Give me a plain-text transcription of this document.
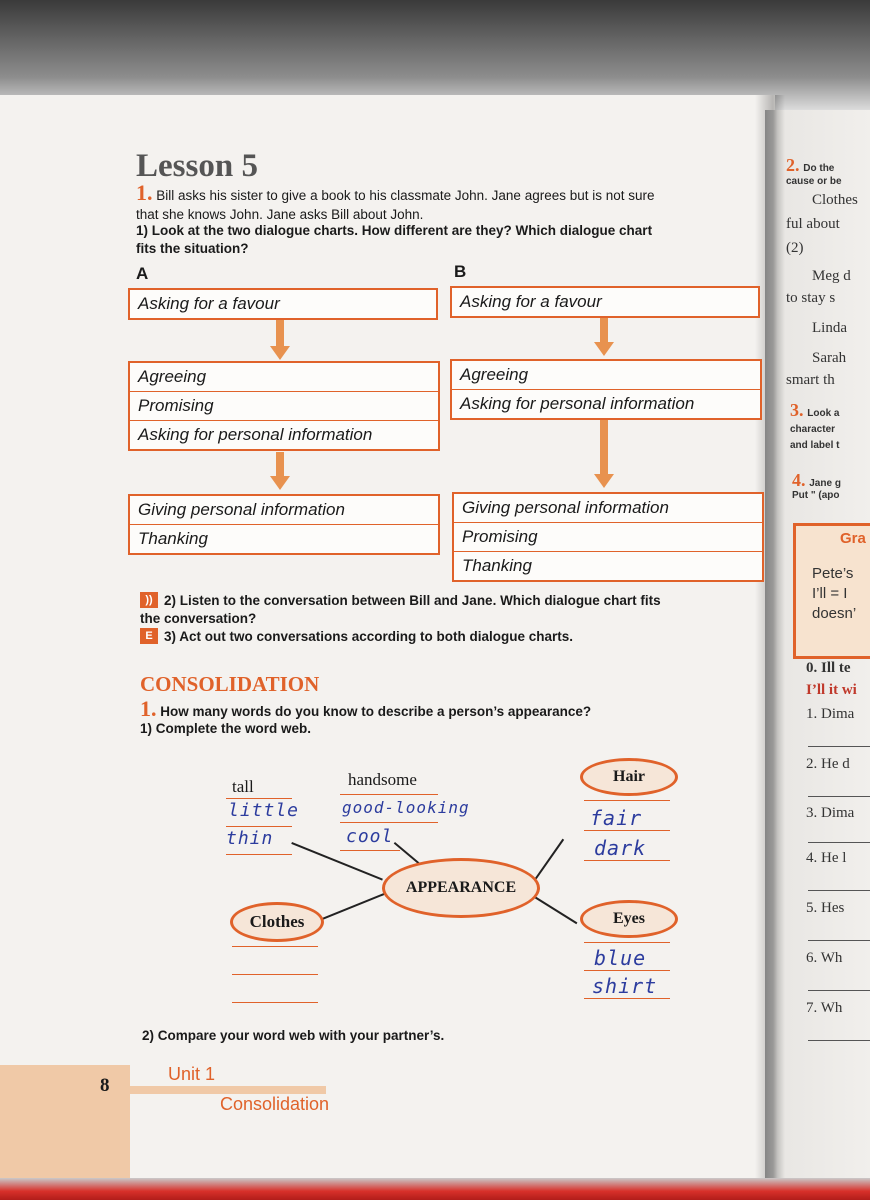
Lesson 5
1. Bill asks his sister to give a book to his classmate John. Jane agrees but is not sure
that she knows John. Jane asks Bill about John.
1) Look at the two dialogue charts. How different are they? Which dialogue chart
fits the situation?
A	B
Asking for a favour
Agreeing
Promising
Asking for personal information
Giving personal information
Thanking
Asking for a favour
Agreeing
Asking for personal information
Giving personal information
Promising
Thanking
)) 2) Listen to the conversation between Bill and Jane. Which dialogue chart fits
the conversation?
E 3) Act out two conversations according to both dialogue charts.
CONSOLIDATION
1. How many words do you know to describe a person’s appearance?
1) Complete the word web.
APPEARANCE
Hair
Eyes
Clothes
tall	handsome
little
thin
good-looking
cool
fair
dark
blue
shirt
2) Compare your word web with your partner’s.
8
Unit 1
Consolidation
2. Do the
cause or be
Clothes
ful about
(2)
Meg d
to stay s
Linda
Sarah
smart th
3. Look a
character
and label t
4. Jane g
Put " (apo
Gra
Pete’s
I’ll = I
doesn’
0. Ill te
I’ll it wi
1. Dima
2. He d
3. Dima
4. He l
5. Hes
6. Wh
7. Wh
